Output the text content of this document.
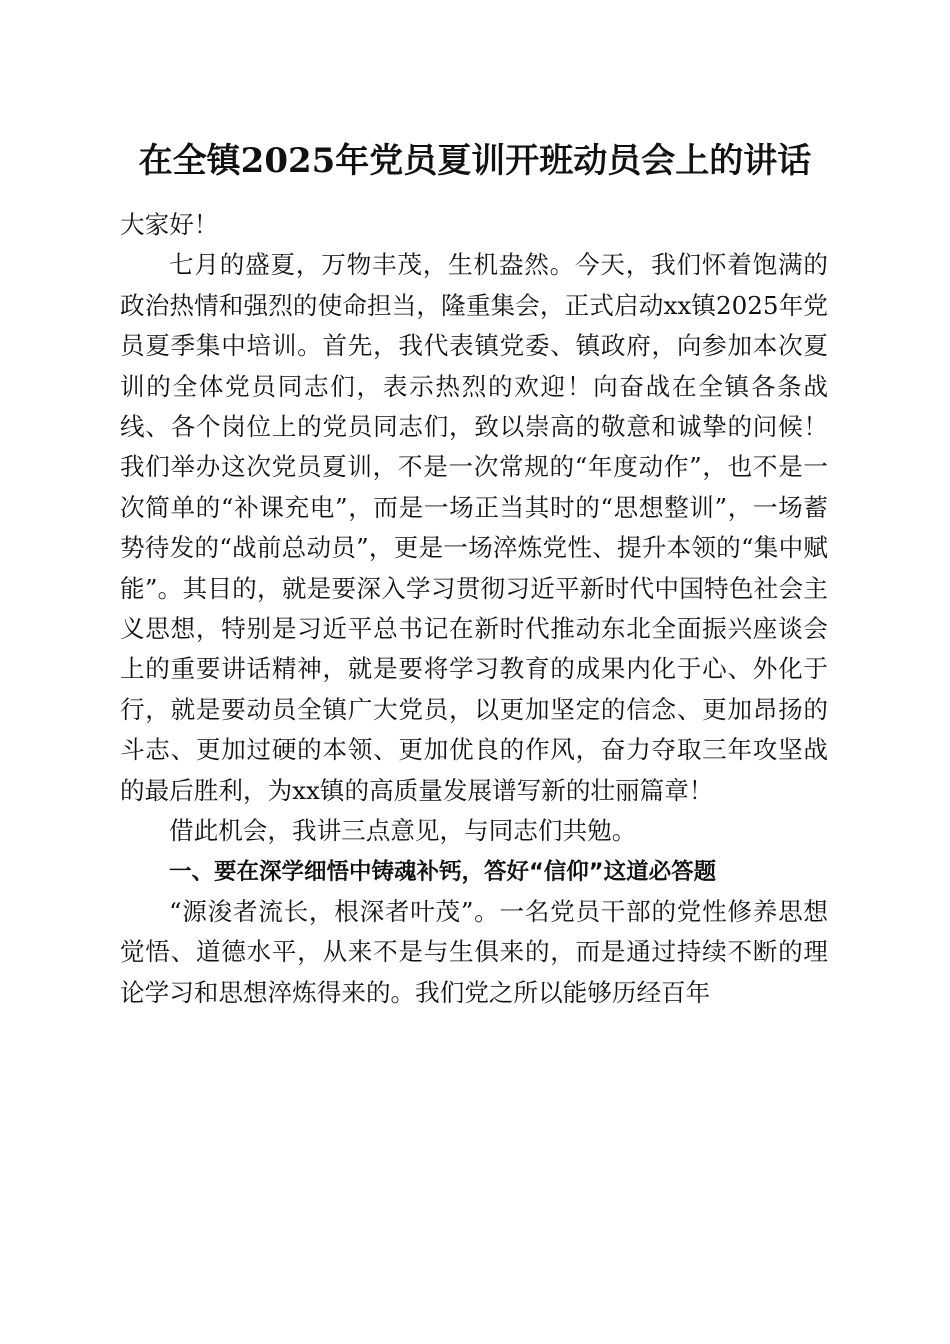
在全镇2025年党员夏训开班动员会上的讲话

大家好！

七月的盛夏，万物丰茂，生机盎然。今天，我们怀着饱满的政治热情和强烈的使命担当，隆重集会，正式启动xx镇2025年党员夏季集中培训。首先，我代表镇党委、镇政府，向参加本次夏训的全体党员同志们，表示热烈的欢迎！向奋战在全镇各条战线、各个岗位上的党员同志们，致以崇高的敬意和诚挚的问候！我们举办这次党员夏训，不是一次常规的“年度动作”，也不是一次简单的“补课充电”，而是一场正当其时的“思想整训”，一场蓄势待发的“战前总动员”，更是一场淬炼党性、提升本领的“集中赋能”。其目的，就是要深入学习贯彻习近平新时代中国特色社会主义思想，特别是习近平总书记在新时代推动东北全面振兴座谈会上的重要讲话精神，就是要将学习教育的成果内化于心、外化于行，就是要动员全镇广大党员，以更加坚定的信念、更加昂扬的斗志、更加过硬的本领、更加优良的作风，奋力夺取三年攻坚战的最后胜利，为xx镇的高质量发展谱写新的壮丽篇章！

借此机会，我讲三点意见，与同志们共勉。

一、要在深学细悟中铸魂补钙，答好“信仰”这道必答题

“源浚者流长，根深者叶茂”。一名党员干部的党性修养思想觉悟、道德水平，从来不是与生俱来的，而是通过持续不断的理论学习和思想淬炼得来的。我们党之所以能够历经百年
